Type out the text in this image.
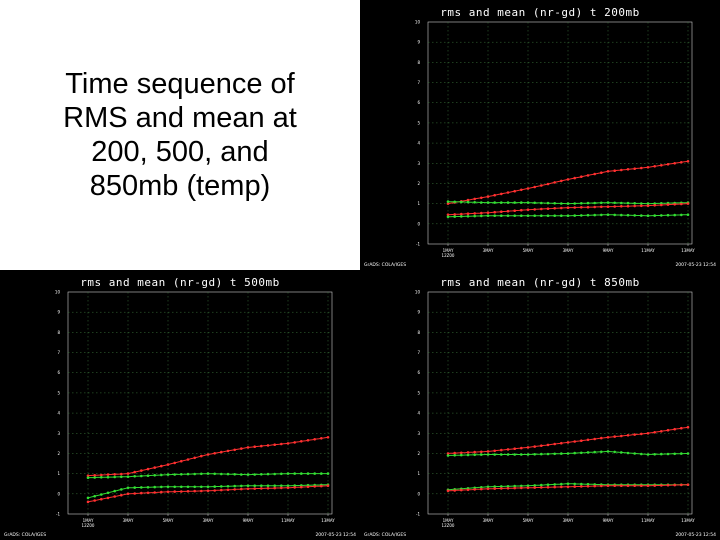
Time sequence of
RMS and mean at
200, 500, and
850mb (temp)
rms and mean (nr-gd) t 200mb
-1
0
1
2
3
4
5
6
7
8
9
10
1MAY
12Z00
3MAY	5MAY	3MAY	9MAY	11MAY	13MAY
GrADS: COLA/IGES	2007-05-23 12:54
rms and mean (nr-gd) t 500mb
-1
0
1
2
3
4
5
6
7
8
9
10
1MAY
12Z00
3MAY	5MAY	3MAY	9MAY	11MAY	13MAY
GrADS: COLA/IGES	2007-05-23 12:54
rms and mean (nr-gd) t 850mb
-1
0
1
2
3
4
5
6
7
8
9
10
1MAY
12Z00
3MAY	5MAY	3MAY	9MAY	11MAY	13MAY
GrADS: COLA/IGES	2007-05-23 12:54
